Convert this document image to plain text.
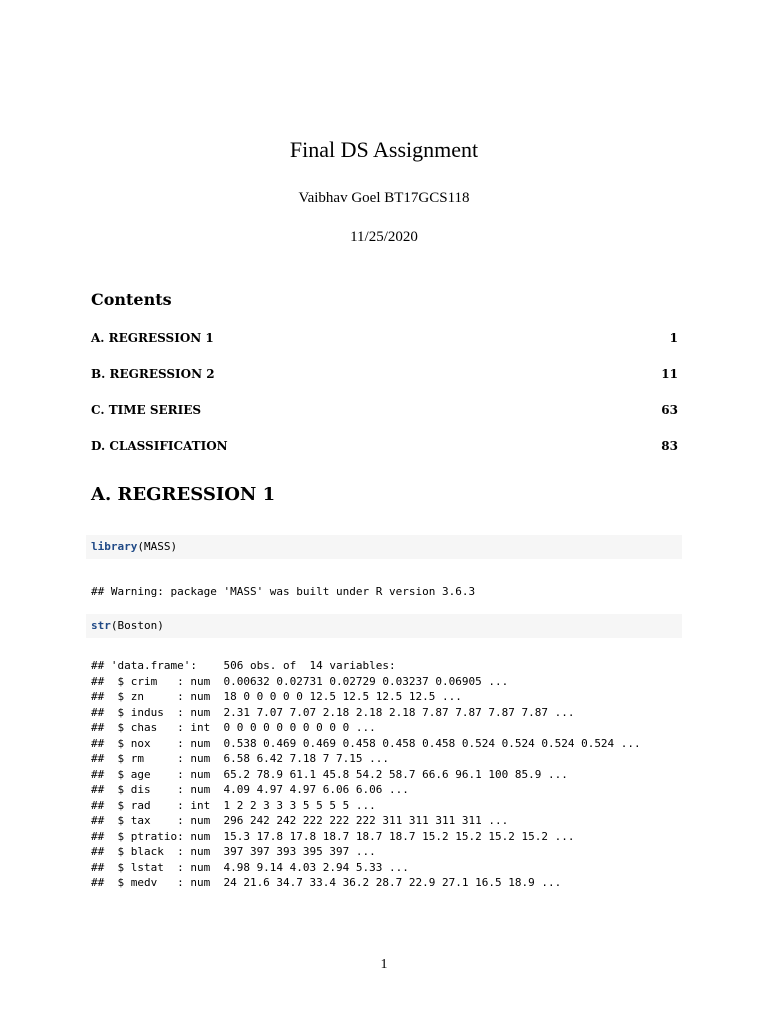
Final DS Assignment
Vaibhav Goel BT17GCS118
11/25/2020
Contents
A. REGRESSION 1	1
B. REGRESSION 2	11
C. TIME SERIES	63
D. CLASSIFICATION	83
A. REGRESSION 1
library(MASS)
## Warning: package 'MASS' was built under R version 3.6.3
str(Boston)
## 'data.frame':    506 obs. of  14 variables:
##  $ crim   : num  0.00632 0.02731 0.02729 0.03237 0.06905 ...
##  $ zn     : num  18 0 0 0 0 0 12.5 12.5 12.5 12.5 ...
##  $ indus  : num  2.31 7.07 7.07 2.18 2.18 2.18 7.87 7.87 7.87 7.87 ...
##  $ chas   : int  0 0 0 0 0 0 0 0 0 0 ...
##  $ nox    : num  0.538 0.469 0.469 0.458 0.458 0.458 0.524 0.524 0.524 0.524 ...
##  $ rm     : num  6.58 6.42 7.18 7 7.15 ...
##  $ age    : num  65.2 78.9 61.1 45.8 54.2 58.7 66.6 96.1 100 85.9 ...
##  $ dis    : num  4.09 4.97 4.97 6.06 6.06 ...
##  $ rad    : int  1 2 2 3 3 3 5 5 5 5 ...
##  $ tax    : num  296 242 242 222 222 222 311 311 311 311 ...
##  $ ptratio: num  15.3 17.8 17.8 18.7 18.7 18.7 15.2 15.2 15.2 15.2 ...
##  $ black  : num  397 397 393 395 397 ...
##  $ lstat  : num  4.98 9.14 4.03 2.94 5.33 ...
##  $ medv   : num  24 21.6 34.7 33.4 36.2 28.7 22.9 27.1 16.5 18.9 ...
1
